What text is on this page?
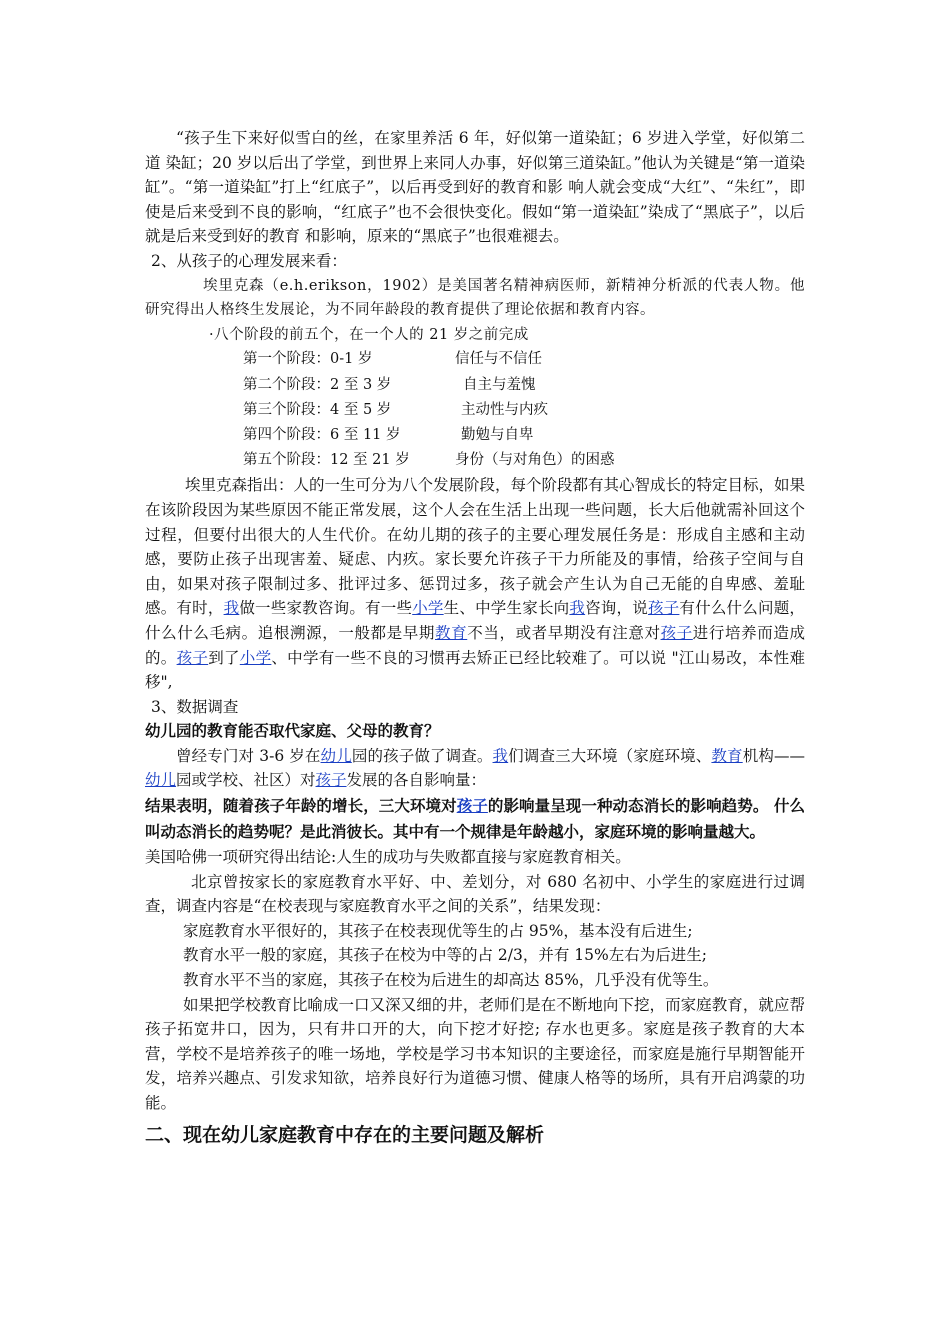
“孩子生下来好似雪白的丝，在家里养活 6 年，好似第一道染缸；6 岁进入学堂，好似第二道 染缸；20 岁以后出了学堂，到世界上来同人办事，好似第三道染缸。”他认为关键是“第一道染缸”。“第一道染缸”打上“红底子”，以后再受到好的教育和影 响人就会变成“大红”、“朱红”，即使是后来受到不良的影响，“红底子”也不会很快变化。假如“第一道染缸”染成了“黑底子”，以后就是后来受到好的教育 和影响，原来的“黑底子”也很难褪去。

2、从孩子的心理发展来看：

埃里克森（e.h.erikson，1902）是美国著名精神病医师，新精神分析派的代表人物。他研究得出人格终生发展论，为不同年龄段的教育提供了理论依据和教育内容。

·八个阶段的前五个，在一个人的 21 岁之前完成

第一个阶段：0-1 岁	信任与不信任
第二个阶段：2 至 3 岁	自主与羞愧
第三个阶段：4 至 5 岁	主动性与内疚
第四个阶段：6 至 11 岁	勤勉与自卑
第五个阶段：12 至 21 岁	身份（与对角色）的困惑

埃里克森指出：人的一生可分为八个发展阶段，每个阶段都有其心智成长的特定目标，如果在该阶段因为某些原因不能正常发展，这个人会在生活上出现一些问题，长大后他就需补回这个过程，但要付出很大的人生代价。在幼儿期的孩子的主要心理发展任务是：形成自主感和主动感，要防止孩子出现害羞、疑虑、内疚。家长要允许孩子干力所能及的事情，给孩子空间与自由，如果对孩子限制过多、批评过多、惩罚过多，孩子就会产生认为自己无能的自卑感、羞耻感。有时，我做一些家教咨询。有一些小学生、中学生家长向我咨询，说孩子有什么什么问题，什么什么毛病。追根溯源，一般都是早期教育不当，或者早期没有注意对孩子进行培养而造成的。孩子到了小学、中学有一些不良的习惯再去矫正已经比较难了。可以说 "江山易改，本性难移",

3、数据调查

幼儿园的教育能否取代家庭、父母的教育？

曾经专门对 3-6 岁在幼儿园的孩子做了调查。我们调查三大环境（家庭环境、教育机构——幼儿园或学校、社区）对孩子发展的各自影响量：

结果表明，随着孩子年龄的增长，三大环境对孩子的影响量呈现一种动态消长的影响趋势。 什么叫动态消长的趋势呢？是此消彼长。其中有一个规律是年龄越小，家庭环境的影响量越大。

美国哈佛一项研究得出结论:人生的成功与失败都直接与家庭教育相关。

北京曾按家长的家庭教育水平好、中、差划分，对 680 名初中、小学生的家庭进行过调查，调查内容是“在校表现与家庭教育水平之间的关系”，结果发现：

家庭教育水平很好的，其孩子在校表现优等生的占 95%，基本没有后进生;

教育水平一般的家庭，其孩子在校为中等的占 2/3，并有 15%左右为后进生;

教育水平不当的家庭，其孩子在校为后进生的却高达 85%，几乎没有优等生。

如果把学校教育比喻成一口又深又细的井，老师们是在不断地向下挖，而家庭教育，就应帮孩子拓宽井口，因为，只有井口开的大，向下挖才好挖; 存水也更多。家庭是孩子教育的大本营，学校不是培养孩子的唯一场地，学校是学习书本知识的主要途径，而家庭是施行早期智能开发，培养兴趣点、引发求知欲，培养良好行为道德习惯、健康人格等的场所，具有开启鸿蒙的功能。

二、现在幼儿家庭教育中存在的主要问题及解析
